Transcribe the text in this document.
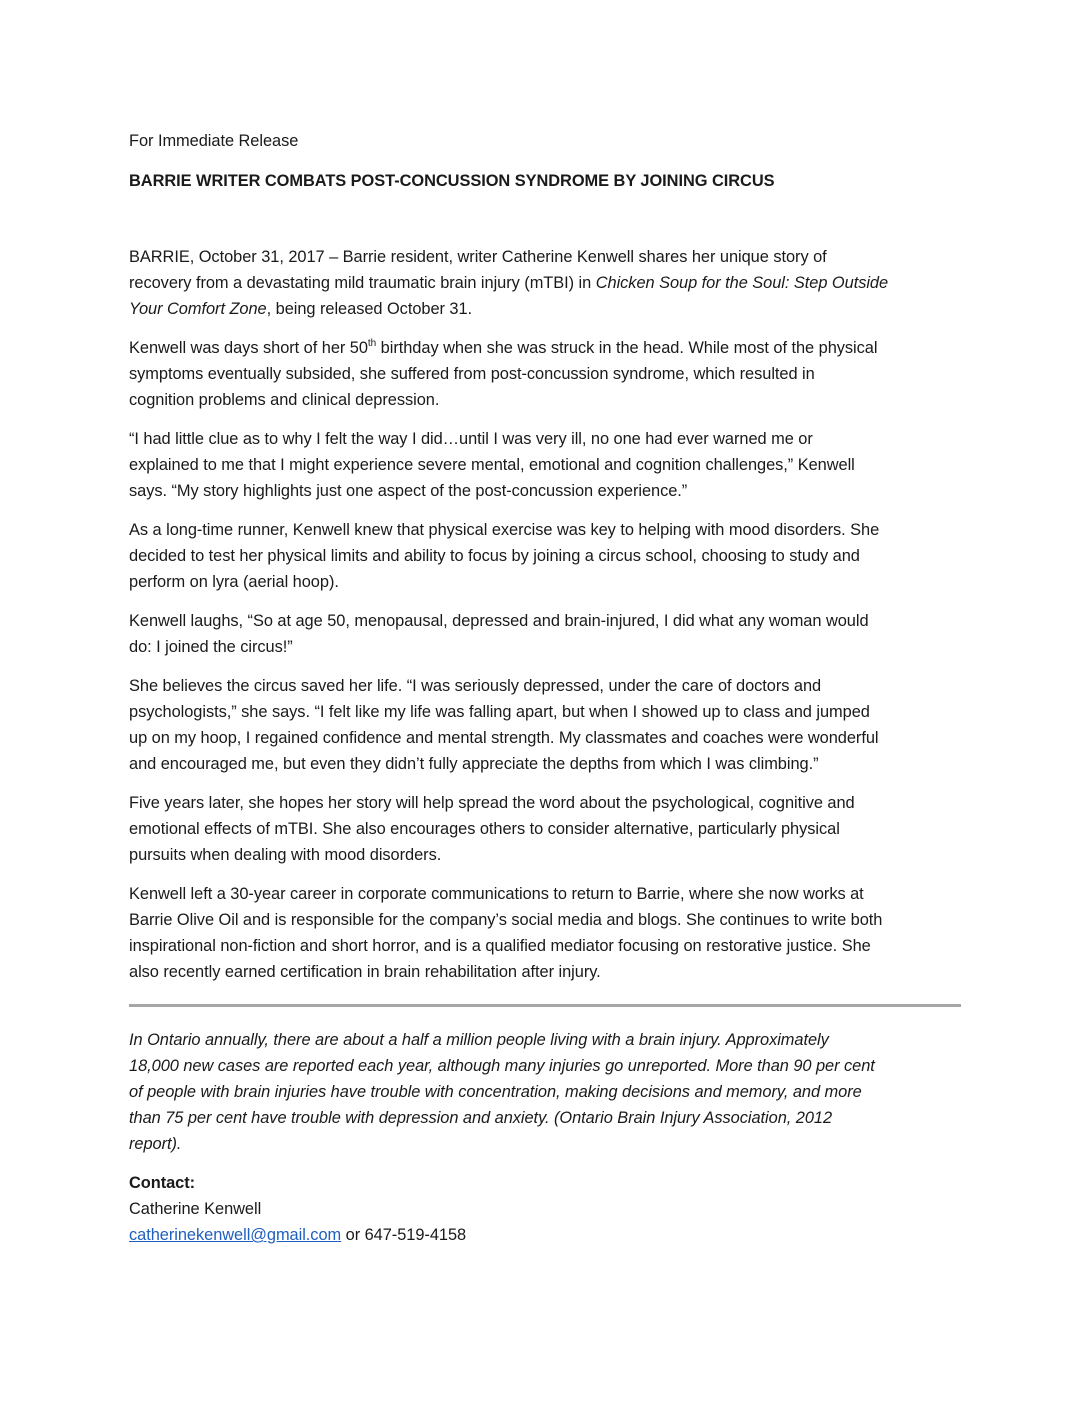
For Immediate Release
BARRIE WRITER COMBATS POST-CONCUSSION SYNDROME BY JOINING CIRCUS

BARRIE, October 31, 2017 – Barrie resident, writer Catherine Kenwell shares her unique story of
recovery from a devastating mild traumatic brain injury (mTBI) in Chicken Soup for the Soul: Step Outside
Your Comfort Zone, being released October 31.

Kenwell was days short of her 50th birthday when she was struck in the head. While most of the physical
symptoms eventually subsided, she suffered from post-concussion syndrome, which resulted in
cognition problems and clinical depression.

“I had little clue as to why I felt the way I did…until I was very ill, no one had ever warned me or
explained to me that I might experience severe mental, emotional and cognition challenges,” Kenwell
says. “My story highlights just one aspect of the post-concussion experience.”

As a long-time runner, Kenwell knew that physical exercise was key to helping with mood disorders. She
decided to test her physical limits and ability to focus by joining a circus school, choosing to study and
perform on lyra (aerial hoop).

Kenwell laughs, “So at age 50, menopausal, depressed and brain-injured, I did what any woman would
do: I joined the circus!”

She believes the circus saved her life. “I was seriously depressed, under the care of doctors and
psychologists,” she says. “I felt like my life was falling apart, but when I showed up to class and jumped
up on my hoop, I regained confidence and mental strength. My classmates and coaches were wonderful
and encouraged me, but even they didn’t fully appreciate the depths from which I was climbing.”

Five years later, she hopes her story will help spread the word about the psychological, cognitive and
emotional effects of mTBI. She also encourages others to consider alternative, particularly physical
pursuits when dealing with mood disorders.

Kenwell left a 30-year career in corporate communications to return to Barrie, where she now works at
Barrie Olive Oil and is responsible for the company’s social media and blogs. She continues to write both
inspirational non-fiction and short horror, and is a qualified mediator focusing on restorative justice. She
also recently earned certification in brain rehabilitation after injury.

In Ontario annually, there are about a half a million people living with a brain injury. Approximately
18,000 new cases are reported each year, although many injuries go unreported. More than 90 per cent
of people with brain injuries have trouble with concentration, making decisions and memory, and more
than 75 per cent have trouble with depression and anxiety. (Ontario Brain Injury Association, 2012
report).

Contact:
Catherine Kenwell
catherinekenwell@gmail.com or 647-519-4158
